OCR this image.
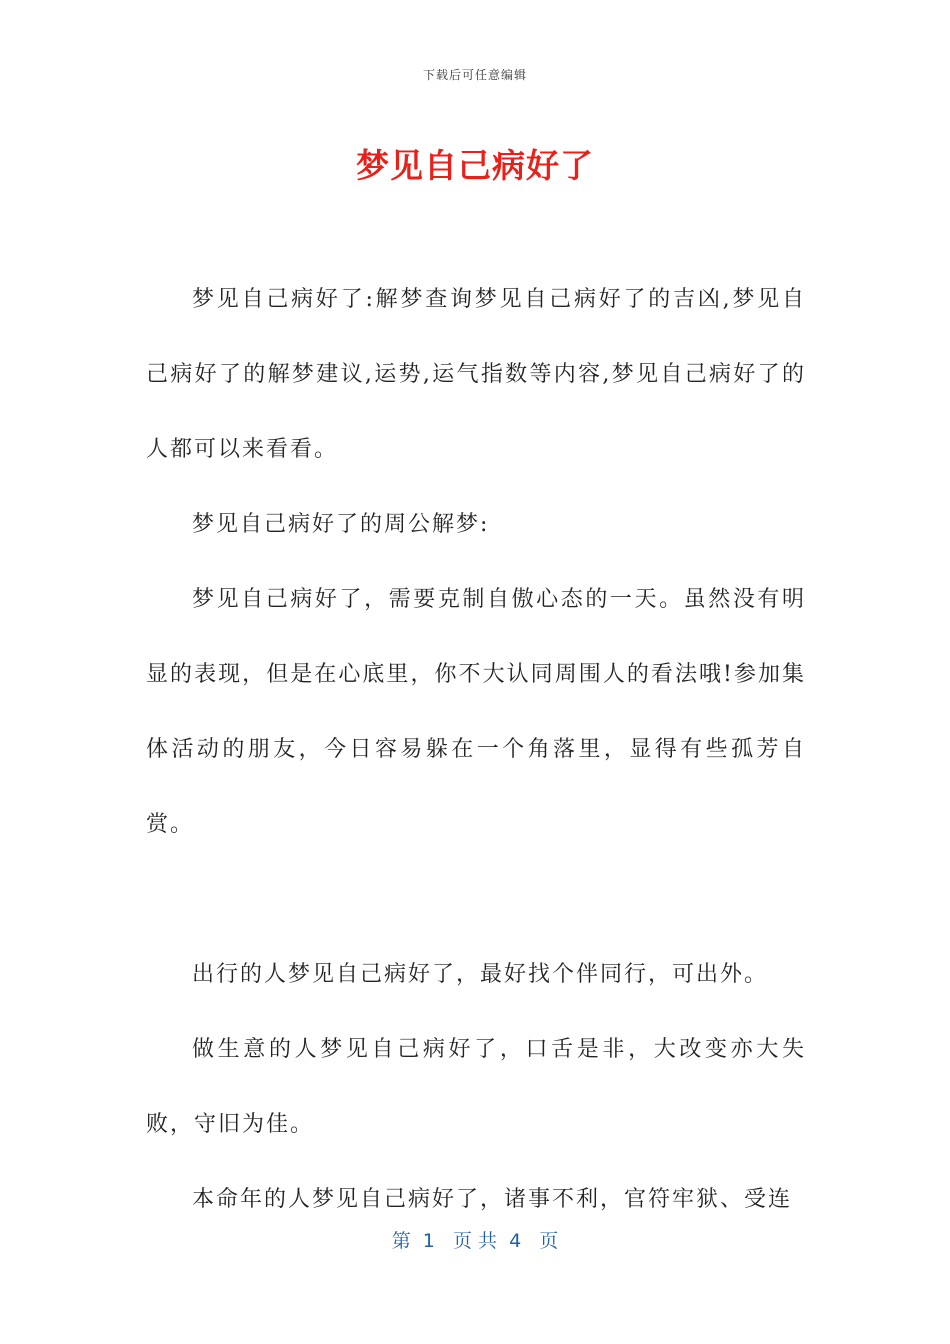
下载后可任意编辑
梦见自己病好了

梦见自己病好了:解梦查询梦见自己病好了的吉凶,梦见自己病好了的解梦建议,运势,运气指数等内容,梦见自己病好了的人都可以来看看。

梦见自己病好了的周公解梦:

梦见自己病好了，需要克制自傲心态的一天。虽然没有明显的表现，但是在心底里，你不大认同周围人的看法哦!参加集体活动的朋友，今日容易躲在一个角落里，显得有些孤芳自赏。

出行的人梦见自己病好了，最好找个伴同行，可出外。

做生意的人梦见自己病好了，口舌是非，大改变亦大失败，守旧为佳。

本命年的人梦见自己病好了，诸事不利，官符牢狱、受连

第  1   页 共  4   页
